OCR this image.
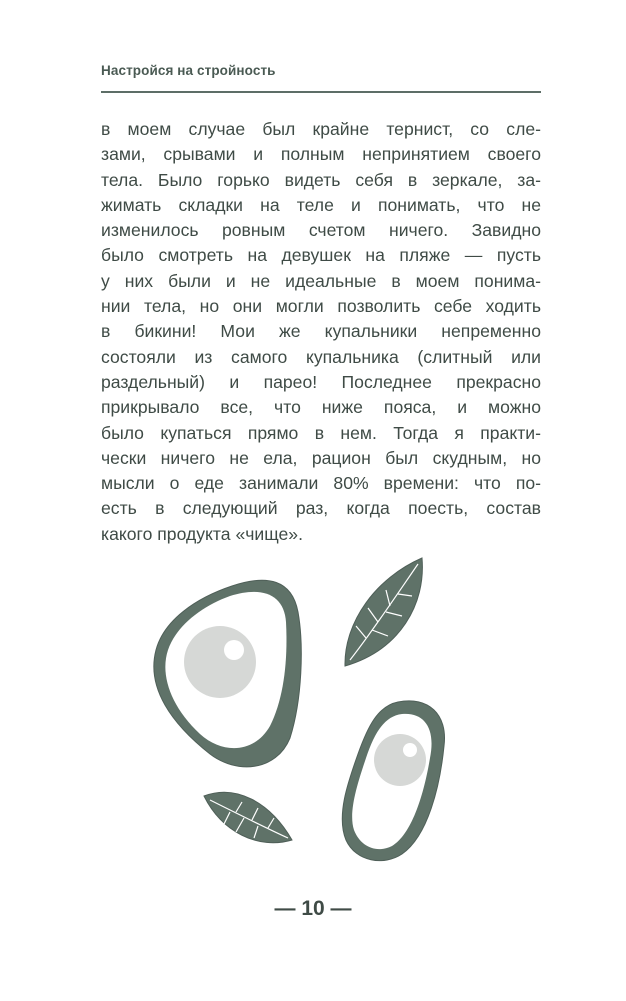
Настройся на стройность
в моем случае был крайне тернист, со сле-
зами, срывами и полным непринятием своего
тела. Было горько видеть себя в зеркале, за-
жимать складки на теле и понимать, что не
изменилось ровным счетом ничего. Завидно
было смотреть на девушек на пляже — пусть
у них были и не идеальные в моем понима-
нии тела, но они могли позволить себе ходить
в бикини! Мои же купальники непременно
состояли из самого купальника (слитный или
раздельный) и парео! Последнее прекрасно
прикрывало все, что ниже пояса, и можно
было купаться прямо в нем. Тогда я практи-
чески ничего не ела, рацион был скудным, но
мысли о еде занимали 80% времени: что по-
есть в следующий раз, когда поесть, состав
какого продукта «чище».
— 10 —
